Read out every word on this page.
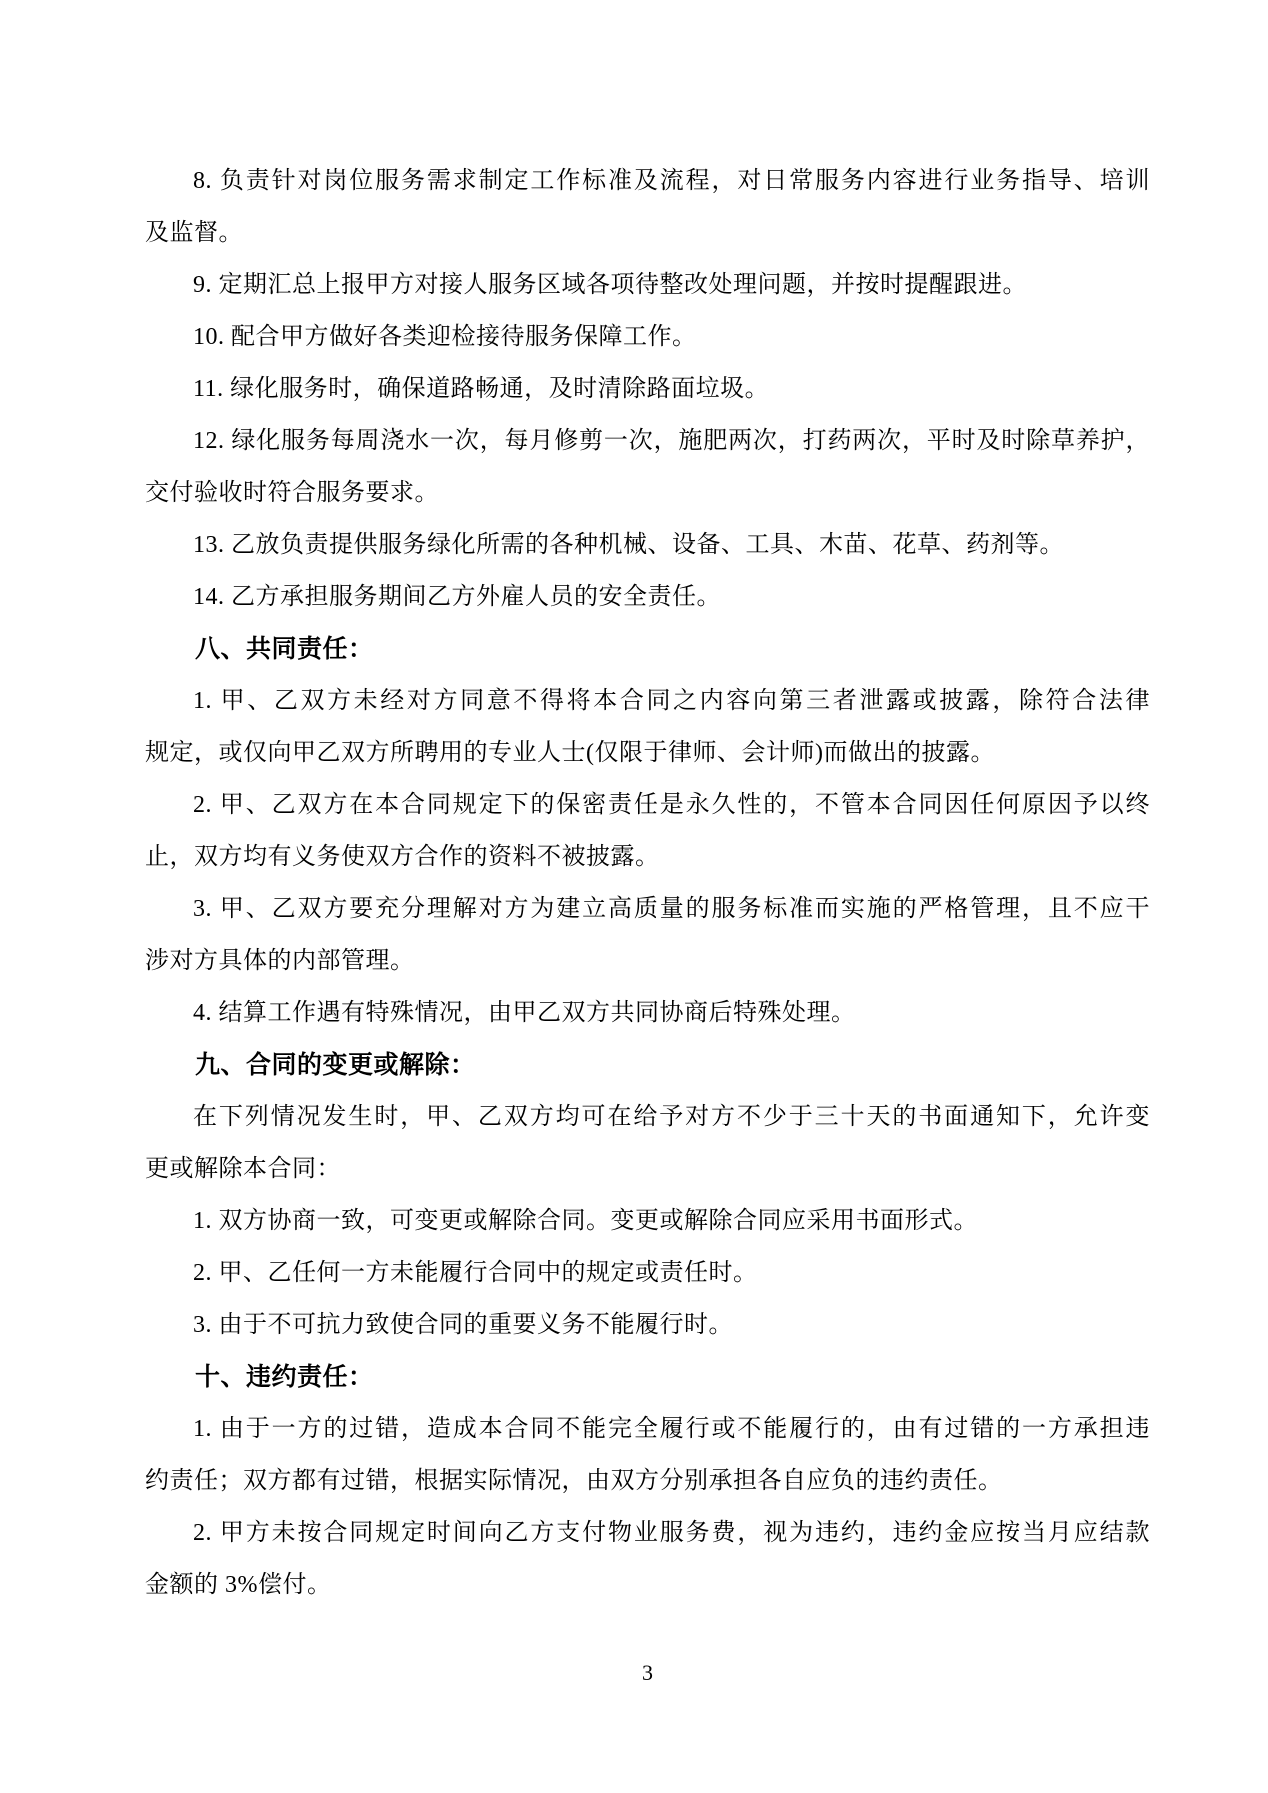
8. 负责针对岗位服务需求制定工作标准及流程，对日常服务内容进行业务指导、培训
及监督。
9. 定期汇总上报甲方对接人服务区域各项待整改处理问题，并按时提醒跟进。
10. 配合甲方做好各类迎检接待服务保障工作。
11. 绿化服务时，确保道路畅通，及时清除路面垃圾。
12. 绿化服务每周浇水一次，每月修剪一次，施肥两次，打药两次，平时及时除草养护，
交付验收时符合服务要求。
13. 乙放负责提供服务绿化所需的各种机械、设备、工具、木苗、花草、药剂等。
14. 乙方承担服务期间乙方外雇人员的安全责任。
八、共同责任：
1. 甲、乙双方未经对方同意不得将本合同之内容向第三者泄露或披露，除符合法律
规定，或仅向甲乙双方所聘用的专业人士(仅限于律师、会计师)而做出的披露。
2. 甲、乙双方在本合同规定下的保密责任是永久性的，不管本合同因任何原因予以终
止，双方均有义务使双方合作的资料不被披露。
3. 甲、乙双方要充分理解对方为建立高质量的服务标准而实施的严格管理，且不应干
涉对方具体的内部管理。
4. 结算工作遇有特殊情况，由甲乙双方共同协商后特殊处理。
九、合同的变更或解除：
在下列情况发生时，甲、乙双方均可在给予对方不少于三十天的书面通知下，允许变
更或解除本合同：
1. 双方协商一致，可变更或解除合同。变更或解除合同应采用书面形式。
2. 甲、乙任何一方未能履行合同中的规定或责任时。
3. 由于不可抗力致使合同的重要义务不能履行时。
十、违约责任：
1. 由于一方的过错，造成本合同不能完全履行或不能履行的，由有过错的一方承担违
约责任；双方都有过错，根据实际情况，由双方分别承担各自应负的违约责任。
2. 甲方未按合同规定时间向乙方支付物业服务费，视为违约，违约金应按当月应结款
金额的 3%偿付。
3
